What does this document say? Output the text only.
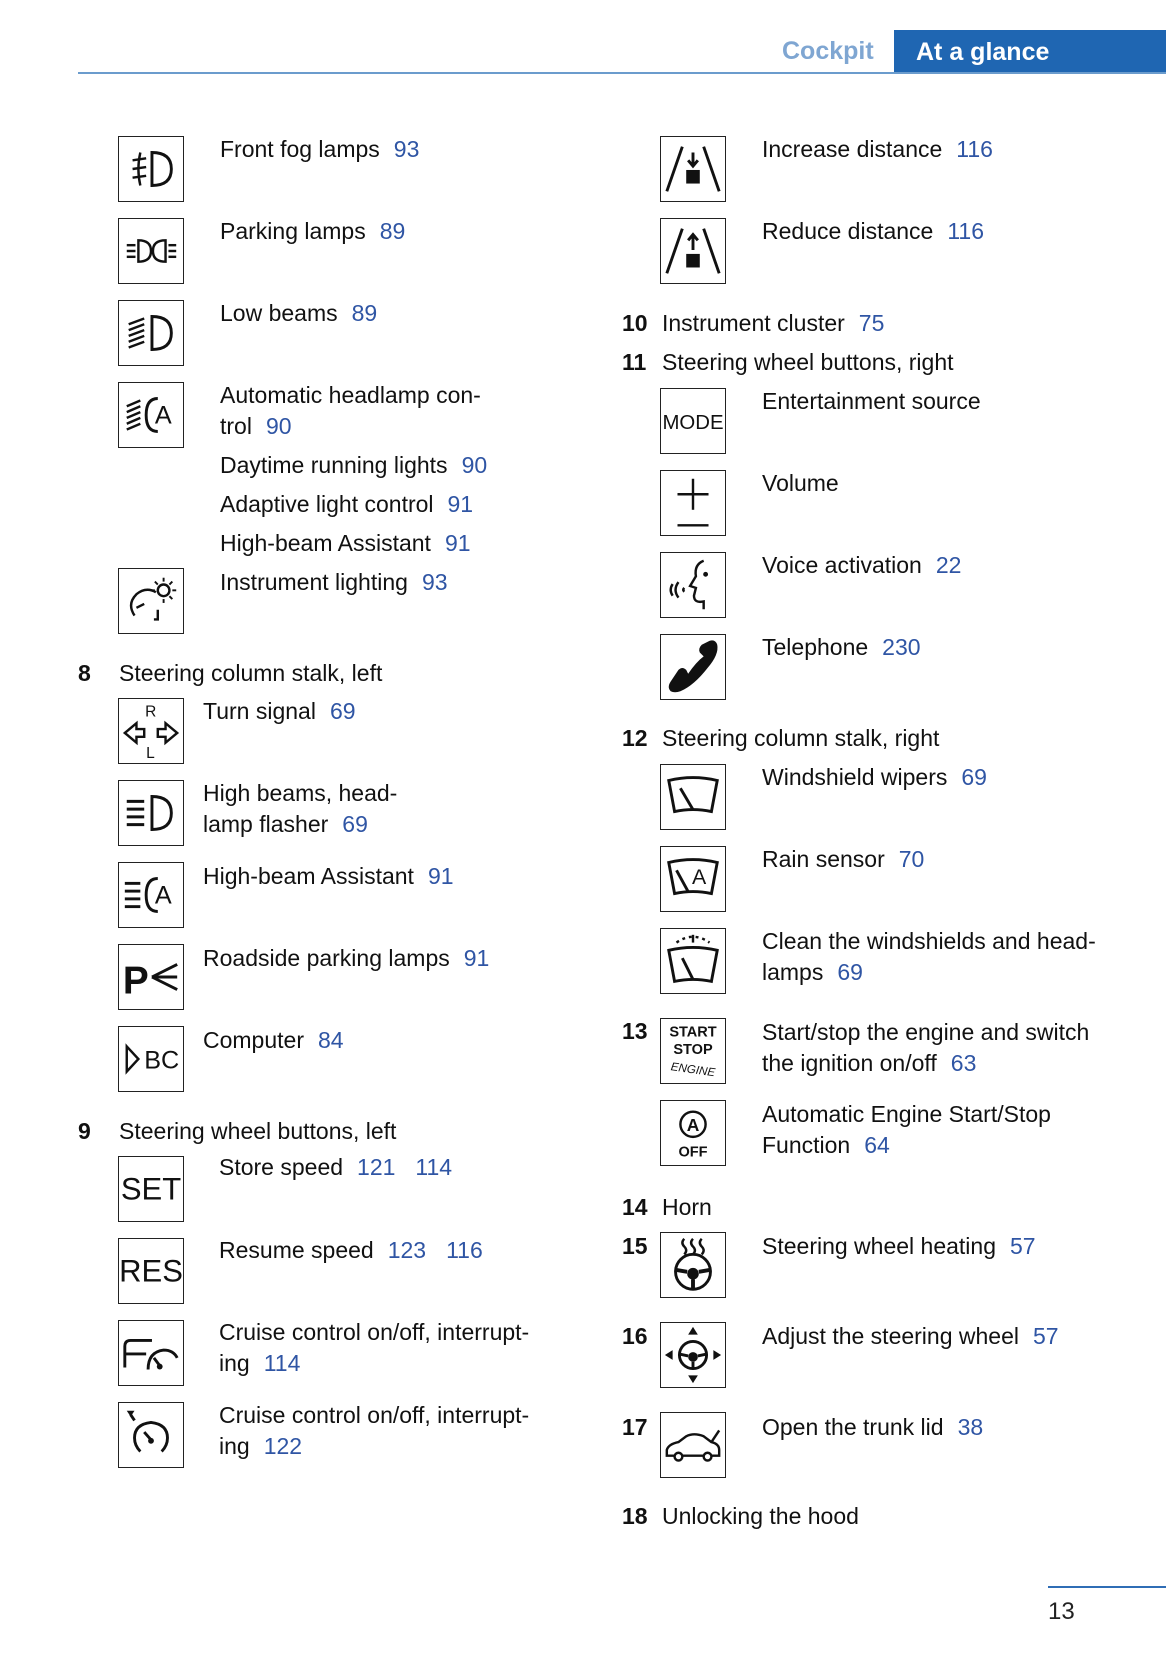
Cockpit	At a glance
Front fog lamps 93
Parking lamps 89
Low beams 89
A
Automatic headlamp con-
trol 90
Daytime running lights 90
Adaptive light control 91
High-beam Assistant 91
Instrument lighting 93
8 Steering column stalk, left
R
L
Turn signal 69
High beams, head-
lamp flasher 69
A
High-beam Assistant 91
P
Roadside parking lamps 91
BC
Computer 84
9 Steering wheel buttons, left
SET
Store speed 121 114
RES
Resume speed 123 116
Cruise control on/off, interrupt-
ing 114
Cruise control on/off, interrupt-
ing 122
Increase distance 116
Reduce distance 116
10 Instrument cluster 75
11 Steering wheel buttons, right
MODE
Entertainment source
Volume
Voice activation 22
Telephone 230
12 Steering column stalk, right
Windshield wipers 69
A
Rain sensor 70
Clean the windshields and head-
lamps 69
13 START
STOP
ENGINE
Start/stop the engine and switch
the ignition on/off 63
A
OFF
Automatic Engine Start/Stop
Function 64
14 Horn
15	Steering wheel heating 57
16	Adjust the steering wheel 57
17	Open the trunk lid 38
18 Unlocking the hood
13
